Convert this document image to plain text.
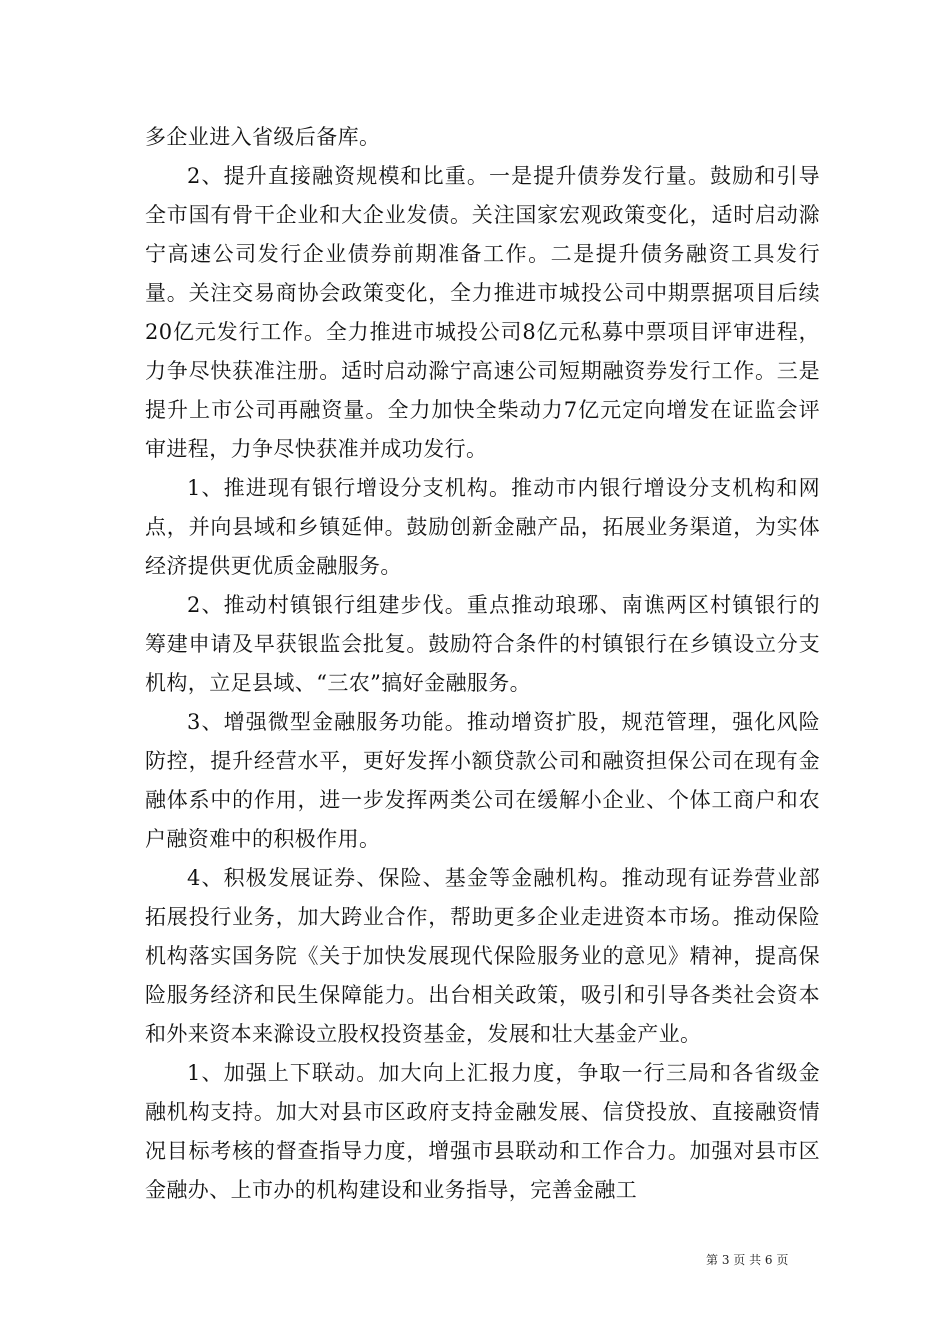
多企业进入省级后备库。

2、提升直接融资规模和比重。一是提升债券发行量。鼓励和引导全市国有骨干企业和大企业发债。关注国家宏观政策变化，适时启动滁宁高速公司发行企业债券前期准备工作。二是提升债务融资工具发行量。关注交易商协会政策变化，全力推进市城投公司中期票据项目后续20亿元发行工作。全力推进市城投公司8亿元私募中票项目评审进程，力争尽快获准注册。适时启动滁宁高速公司短期融资券发行工作。三是提升上市公司再融资量。全力加快全柴动力7亿元定向增发在证监会评审进程，力争尽快获准并成功发行。

1、推进现有银行增设分支机构。推动市内银行增设分支机构和网点，并向县域和乡镇延伸。鼓励创新金融产品，拓展业务渠道，为实体经济提供更优质金融服务。

2、推动村镇银行组建步伐。重点推动琅琊、南谯两区村镇银行的筹建申请及早获银监会批复。鼓励符合条件的村镇银行在乡镇设立分支机构，立足县域、“三农”搞好金融服务。

3、增强微型金融服务功能。推动增资扩股，规范管理，强化风险防控，提升经营水平，更好发挥小额贷款公司和融资担保公司在现有金融体系中的作用，进一步发挥两类公司在缓解小企业、个体工商户和农户融资难中的积极作用。

4、积极发展证券、保险、基金等金融机构。推动现有证券营业部拓展投行业务，加大跨业合作，帮助更多企业走进资本市场。推动保险机构落实国务院《关于加快发展现代保险服务业的意见》精神，提高保险服务经济和民生保障能力。出台相关政策，吸引和引导各类社会资本和外来资本来滁设立股权投资基金，发展和壮大基金产业。

1、加强上下联动。加大向上汇报力度，争取一行三局和各省级金融机构支持。加大对县市区政府支持金融发展、信贷投放、直接融资情况目标考核的督查指导力度，增强市县联动和工作合力。加强对县市区金融办、上市办的机构建设和业务指导，完善金融工

第 3 页 共 6 页
